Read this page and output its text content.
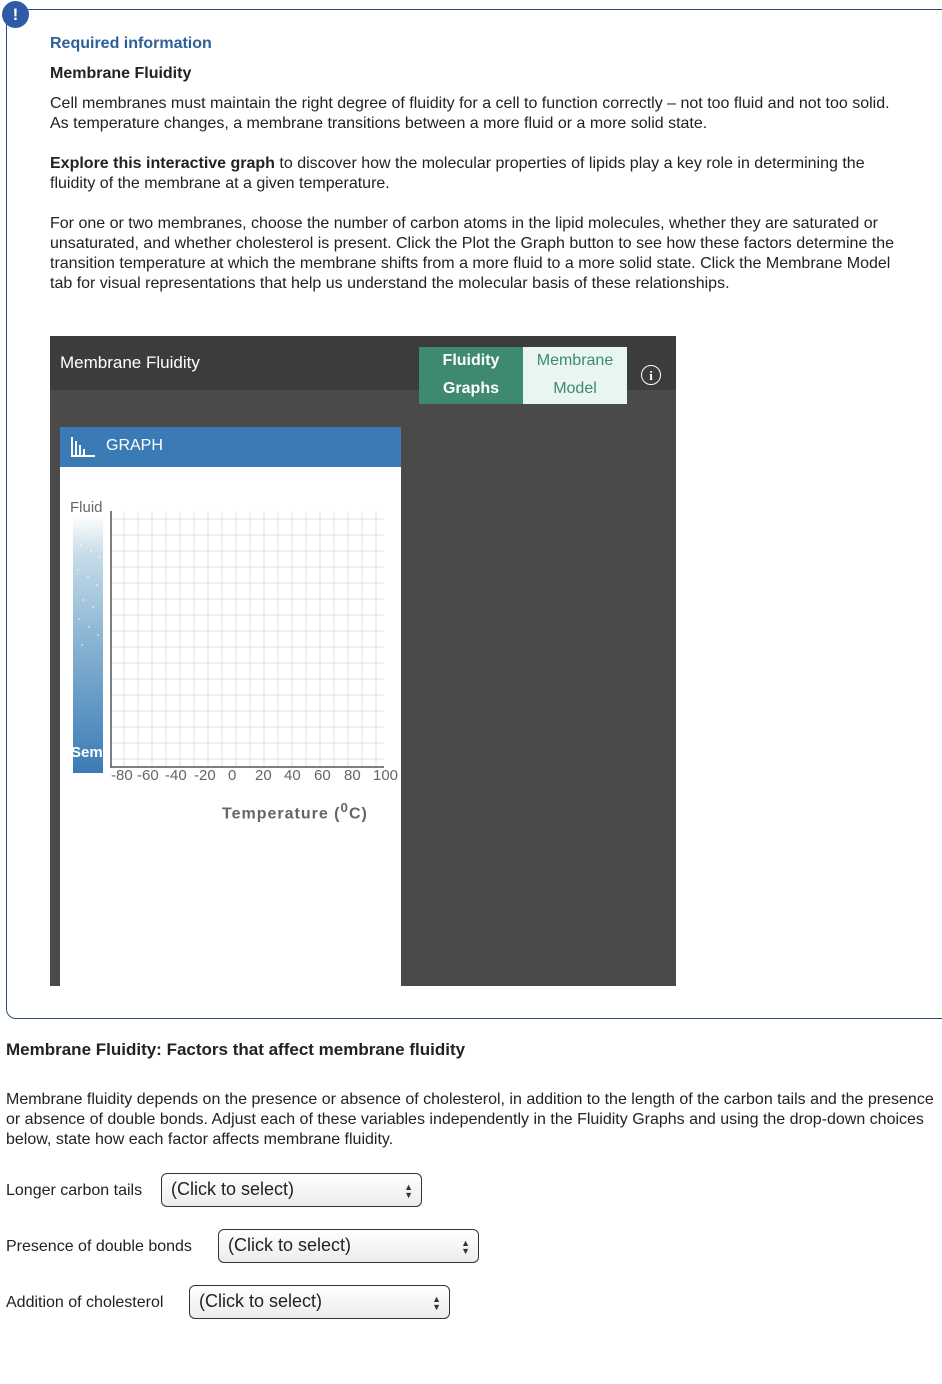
!
Required information
Membrane Fluidity
Cell membranes must maintain the right degree of fluidity for a cell to function correctly – not too fluid and not too solid. As temperature changes, a membrane transitions between a more fluid or a more solid state.
Explore this interactive graph to discover how the molecular properties of lipids play a key role in determining the fluidity of the membrane at a given temperature.
For one or two membranes, choose the number of carbon atoms in the lipid molecules, whether they are saturated or unsaturated, and whether cholesterol is present. Click the Plot the Graph button to see how these factors determine the transition temperature at which the membrane shifts from a more fluid to a more solid state. Click the Membrane Model tab for visual representations that help us understand the molecular basis of these relationships.
Membrane Fluidity	Fluidity
Graphs
Membrane
Model
i
GRAPH
Fluid
Semi
-80 -60 -40 -20 0 20 40 60 80 100
Temperature ($^0$C)
Membrane Fluidity: Factors that affect membrane fluidity
Membrane fluidity depends on the presence or absence of cholesterol, in addition to the length of the carbon tails and the presence or absence of double bonds. Adjust each of these variables independently in the Fluidity Graphs and using the drop-down choices below, state how each factor affects membrane fluidity.
Longer carbon tails	(Click to select)	▲
▼
Presence of double bonds	(Click to select)	▲
▼
Addition of cholesterol	(Click to select)	▲
▼
